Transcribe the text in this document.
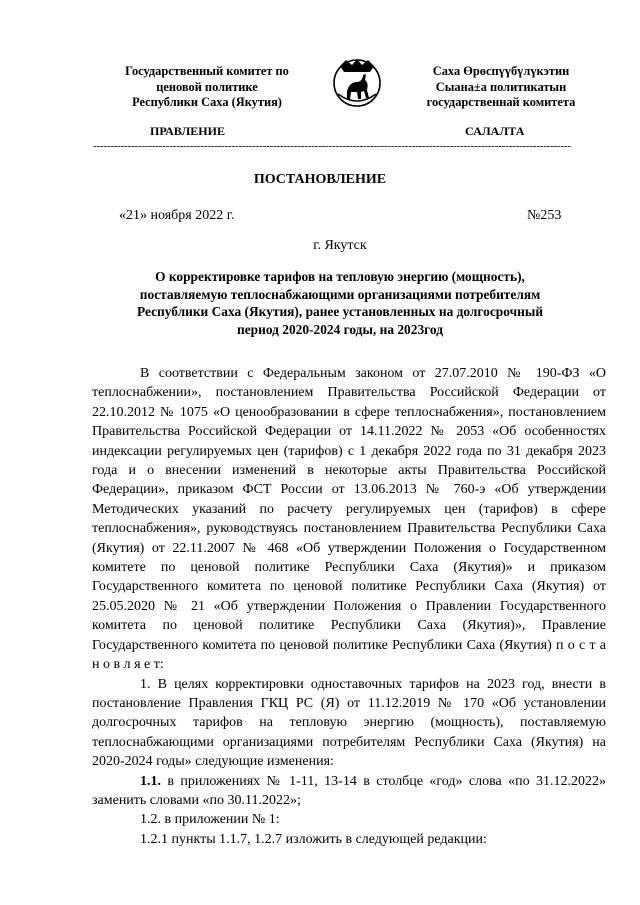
Государственный комитет по
ценовой политике
Республики Саха (Якутия)
Саха Өрөспүүбүлүкэтин
Сыана±а политикатын
государственнай комитета
ПРАВЛЕНИЕ	САЛАЛТА
------------------------------------------------------------------------------------------------------------------------------------------
ПОСТАНОВЛЕНИЕ
«21» ноября 2022 г.	№253
г. Якутск
О корректировке тарифов на тепловую энергию (мощность),
поставляемую теплоснабжающими организациями потребителям
Республики Саха (Якутия), ранее установленных на долгосрочный
период 2020-2024 годы, на 2023год

В соответствии с Федеральным законом от 27.07.2010 № 190-ФЗ «О теплоснабжении», постановлением Правительства Российской Федерации от 22.10.2012 № 1075 «О ценообразовании в сфере теплоснабжения», постановлением Правительства Российской Федерации от 14.11.2022 № 2053 «Об особенностях индексации регулируемых цен (тарифов) с 1 декабря 2022 года по 31 декабря 2023 года и о внесении изменений в некоторые акты Правительства Российской Федерации», приказом ФСТ России от 13.06.2013 № 760-э «Об утверждении Методических указаний по расчету регулируемых цен (тарифов) в сфере теплоснабжения», руководствуясь постановлением Правительства Республики Саха (Якутия) от 22.11.2007 № 468 «Об утверждении Положения о Государственном комитете по ценовой политике Республики Саха (Якутия)» и приказом Государственного комитета по ценовой политике Республики Саха (Якутия) от 25.05.2020 № 21 «Об утверждении Положения о Правлении Государственного комитета по ценовой политике Республики Саха (Якутия)», Правление Государственного комитета по ценовой политике Республики Саха (Якутия) п о с т а н о в л я е т:

1. В целях корректировки одноставочных тарифов на 2023 год, внести в постановление Правления ГКЦ РС (Я) от 11.12.2019 № 170 «Об установлении долгосрочных тарифов на тепловую энергию (мощность), поставляемую теплоснабжающими организациями потребителям Республики Саха (Якутия) на 2020-2024 годы» следующие изменения:

1.1. в приложениях № 1-11, 13-14 в столбце «год» слова «по 31.12.2022» заменить словами «по 30.11.2022»;

1.2. в приложении № 1:

1.2.1 пункты 1.1.7, 1.2.7 изложить в следующей редакции:
